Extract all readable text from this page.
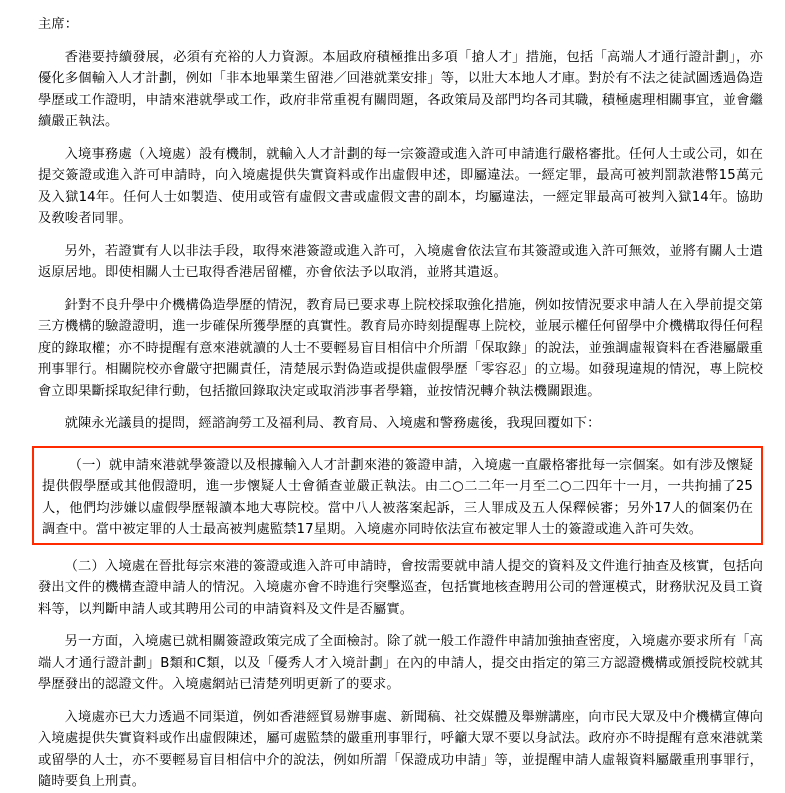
主席：

香港要持續發展，必須有充裕的人力資源。本屆政府積極推出多項「搶人才」措施，包括「高端人才通行證計劃」，亦優化多個輸入人才計劃，例如「非本地畢業生留港／回港就業安排」等，以壯大本地人才庫。對於有不法之徒試圖透過偽造學歷或工作證明，申請來港就學或工作，政府非常重視有關問題，各政策局及部門均各司其職，積極處理相關事宜，並會繼續嚴正執法。

入境事務處（入境處）設有機制，就輸入人才計劃的每一宗簽證或進入許可申請進行嚴格審批。任何人士或公司，如在提交簽證或進入許可申請時，向入境處提供失實資料或作出虛假申述，即屬違法。一經定罪，最高可被判罰款港幣15萬元及入獄14年。任何人士如製造、使用或管有虛假文書或虛假文書的副本，均屬違法，一經定罪最高可被判入獄14年。協助及敎唆者同罪。

另外，若證實有人以非法手段，取得來港簽證或進入許可，入境處會依法宣布其簽證或進入許可無效，並將有關人士遣返原居地。即使相關人士已取得香港居留權，亦會依法予以取消，並將其遣返。

針對不良升學中介機構偽造學歷的情況，教育局已要求專上院校採取強化措施，例如按情況要求申請人在入學前提交第三方機構的驗證證明，進一步確保所獲學歷的真實性。教育局亦時刻提醒專上院校，並展示權任何留學中介機構取得任何程度的錄取權；亦不時提醒有意來港就讀的人士不要輕易盲目相信中介所謂「保取錄」的說法，並強調虛報資料在香港屬嚴重刑事罪行。相關院校亦會嚴守把關責任，清楚展示對偽造或提供虛假學歷「零容忍」的立場。如發現違規的情況，專上院校會立即果斷採取紀律行動，包括撤回錄取決定或取消涉事者學籍，並按情況轉介執法機關跟進。

就陳永光議員的提問，經諮詢勞工及福利局、教育局、入境處和警務處後，我現回覆如下：

（一）就申請來港就學簽證以及根據輸入人才計劃來港的簽證申請，入境處一直嚴格審批每一宗個案。如有涉及懷疑提供假學歷或其他假證明，進一步懷疑人士會循查並嚴正執法。由二○二二年一月至二○二四年十一月，一共拘捕了25人，他們均涉嫌以虛假學歷報讀本地大專院校。當中八人被落案起訴，三人罪成及五人保釋候審；另外17人的個案仍在調查中。當中被定罪的人士最高被判處監禁17星期。入境處亦同時依法宣布被定罪人士的簽證或進入許可失效。

（二）入境處在晉批每宗來港的簽證或進入許可申請時，會按需要就申請人提交的資料及文件進行抽查及核實，包括向發出文件的機構查證申請人的情況。入境處亦會不時進行突擊巡查，包括實地核查聘用公司的營運模式，財務狀況及員工資料等，以判斷申請人或其聘用公司的申請資料及文件是否屬實。

另一方面，入境處已就相關簽證政策完成了全面檢討。除了就一般工作證件申請加強抽查密度，入境處亦要求所有「高端人才通行證計劃」B類和C類，以及「優秀人才入境計劃」在內的申請人，提交由指定的第三方認證機構或頒授院校就其學歷發出的認證文件。入境處網站已清楚列明更新了的要求。

入境處亦已大力透過不同渠道，例如香港經貿易辦事處、新聞稿、社交媒體及舉辦講座，向市民大眾及中介機構宣傳向入境處提供失實資料或作出虛假陳述，屬可處監禁的嚴重刑事罪行，呼籲大眾不要以身試法。政府亦不時提醒有意來港就業或留學的人士，亦不要輕易盲目相信中介的說法，例如所謂「保證成功申請」等，並提醒申請人虛報資料屬嚴重刑事罪行，隨時要負上刑責。
